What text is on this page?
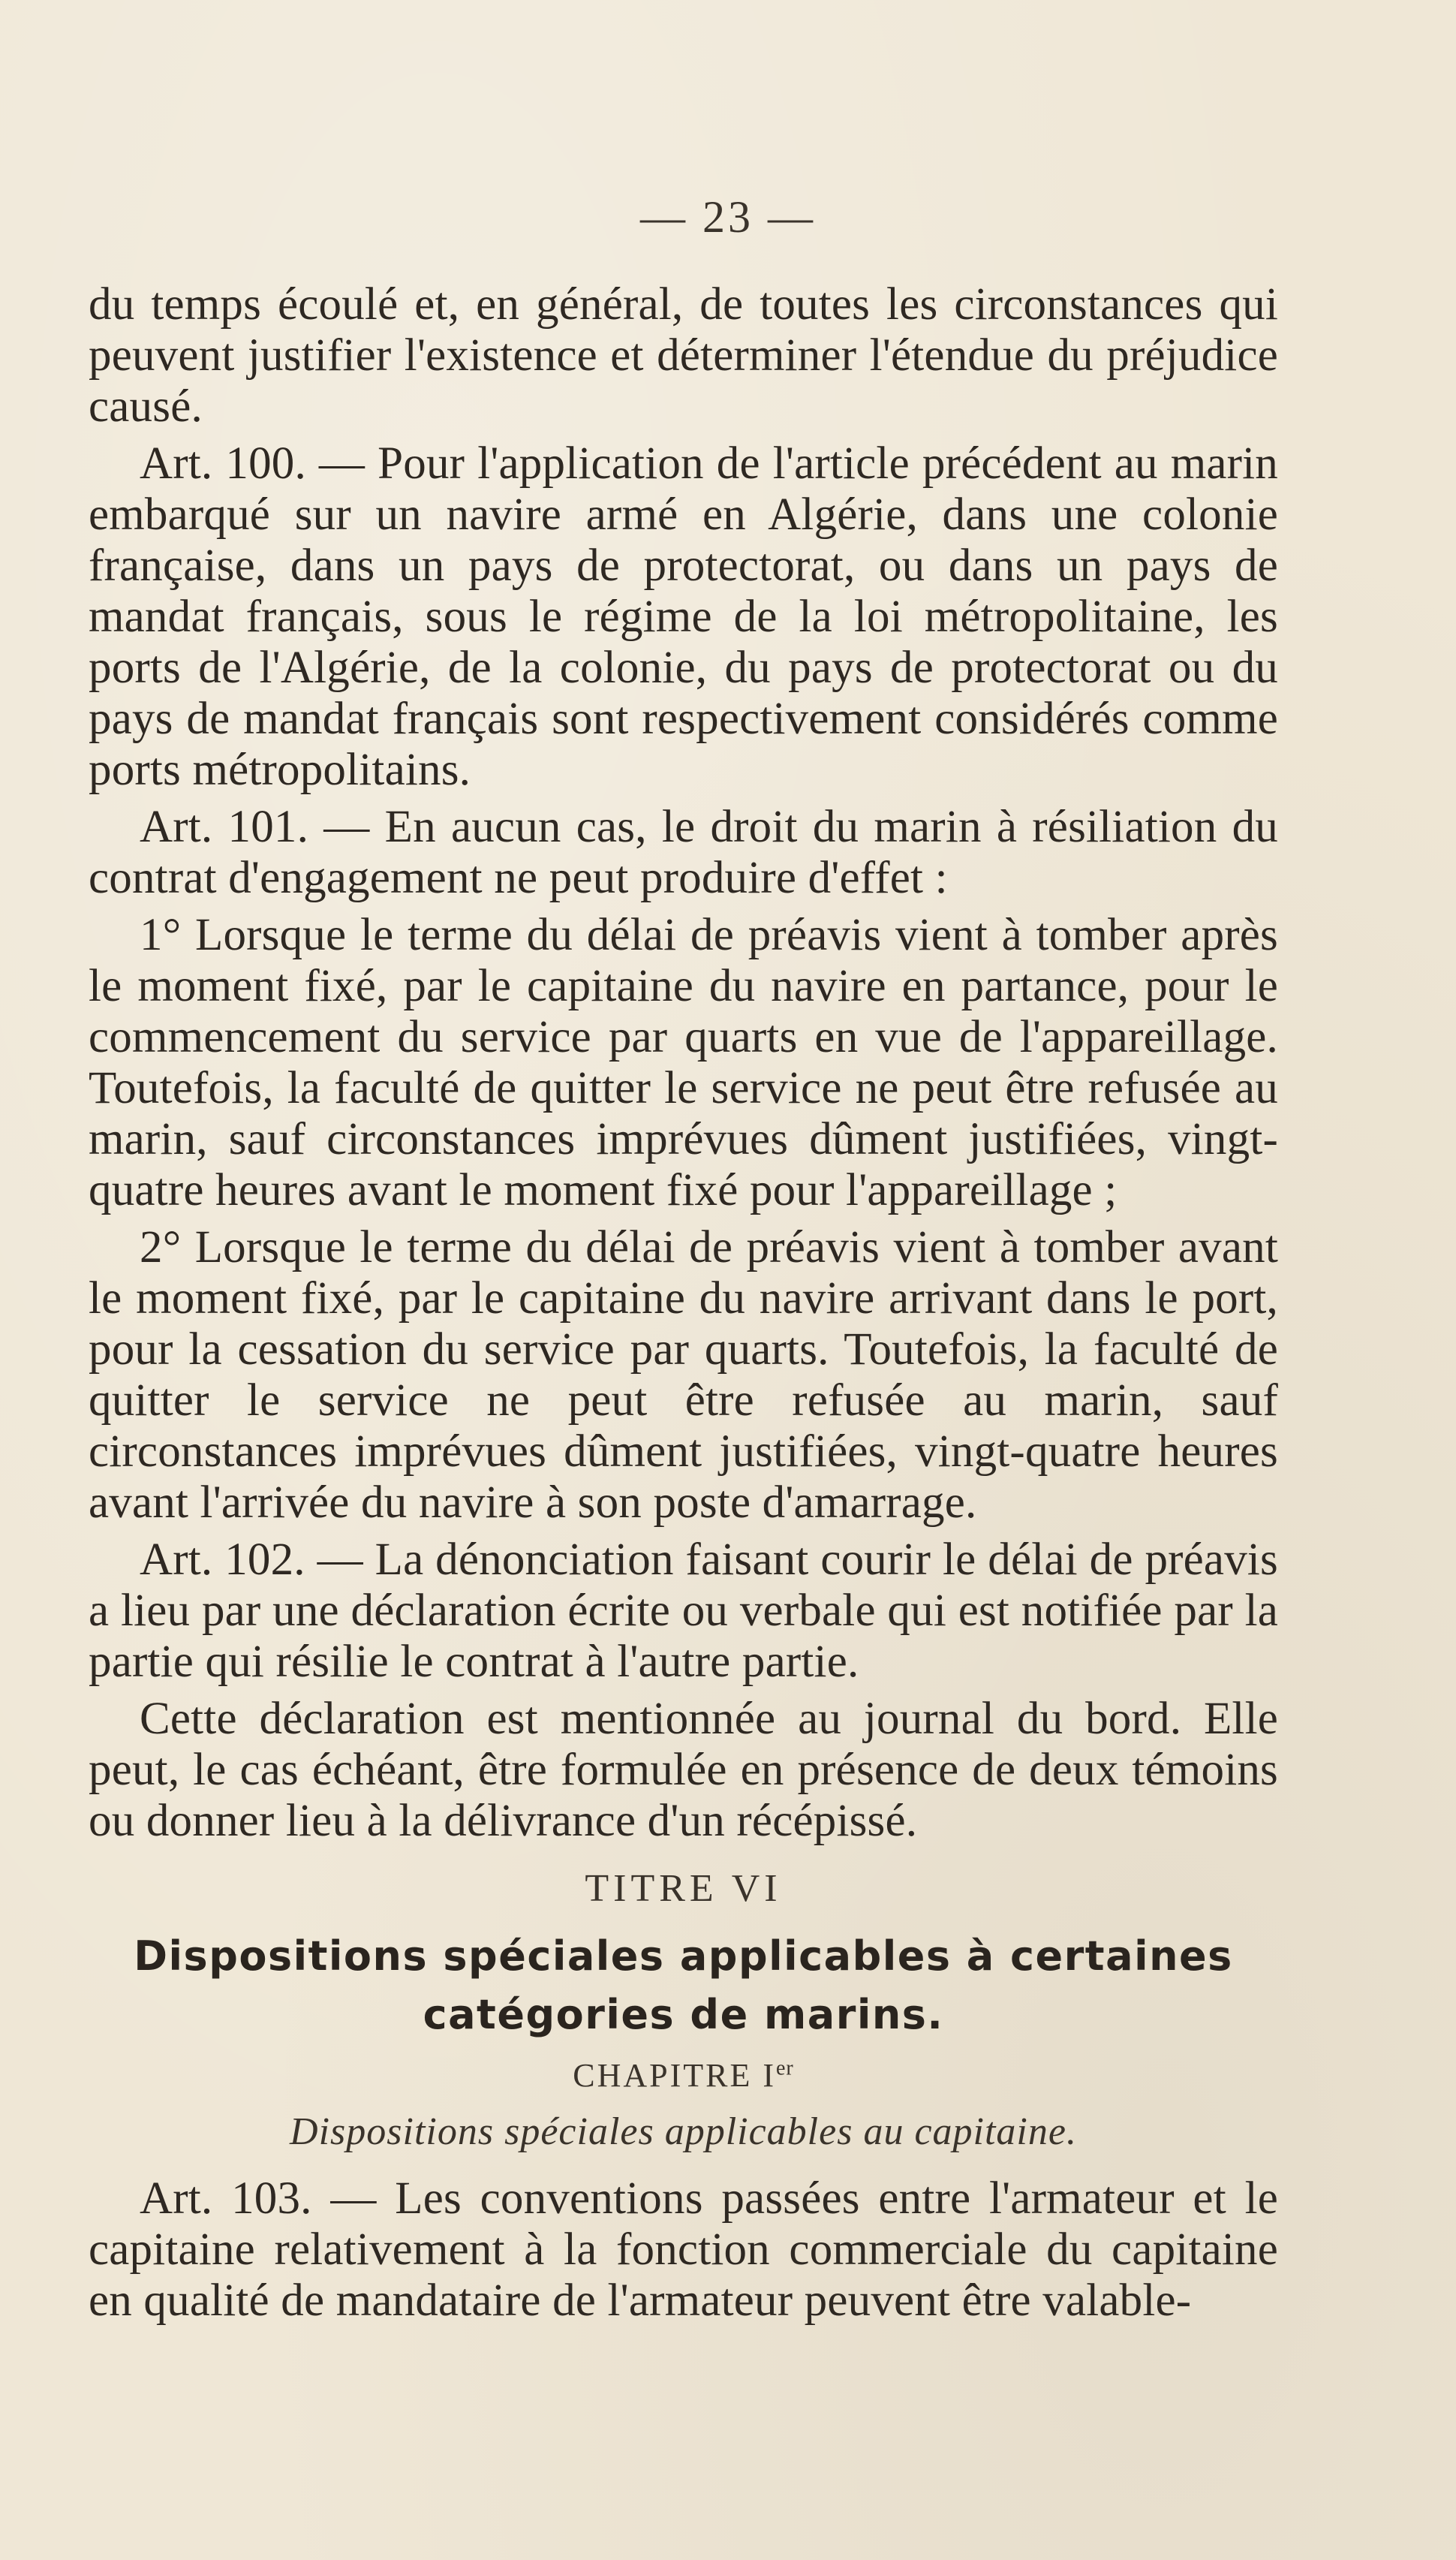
— 23 —

du temps écoulé et, en général, de toutes les circonstances qui peuvent justifier l'existence et déterminer l'étendue du préjudice causé.

Art. 100. — Pour l'application de l'article précédent au marin embarqué sur un navire armé en Algérie, dans une colonie française, dans un pays de protectorat, ou dans un pays de mandat français, sous le régime de la loi métropolitaine, les ports de l'Algérie, de la colonie, du pays de protectorat ou du pays de mandat français sont respectivement considérés comme ports métropolitains.

Art. 101. — En aucun cas, le droit du marin à résiliation du contrat d'engagement ne peut produire d'effet :

1° Lorsque le terme du délai de préavis vient à tomber après le moment fixé, par le capitaine du navire en partance, pour le commencement du service par quarts en vue de l'appareillage. Toutefois, la faculté de quitter le service ne peut être refusée au marin, sauf circonstances imprévues dûment justifiées, vingt-quatre heures avant le moment fixé pour l'appareillage ;

2° Lorsque le terme du délai de préavis vient à tomber avant le moment fixé, par le capitaine du navire arrivant dans le port, pour la cessation du service par quarts. Toutefois, la faculté de quitter le service ne peut être refusée au marin, sauf circonstances imprévues dûment justifiées, vingt-quatre heures avant l'arrivée du navire à son poste d'amarrage.

Art. 102. — La dénonciation faisant courir le délai de préavis a lieu par une déclaration écrite ou verbale qui est notifiée par la partie qui résilie le contrat à l'autre partie.

Cette déclaration est mentionnée au journal du bord. Elle peut, le cas échéant, être formulée en présence de deux témoins ou donner lieu à la délivrance d'un récépissé.

TITRE VI
Dispositions spéciales applicables à certaines
catégories de marins.
CHAPITRE Ier
Dispositions spéciales applicables au capitaine.

Art. 103. — Les conventions passées entre l'armateur et le capitaine relativement à la fonction commerciale du capitaine en qualité de mandataire de l'armateur peuvent être valable-
